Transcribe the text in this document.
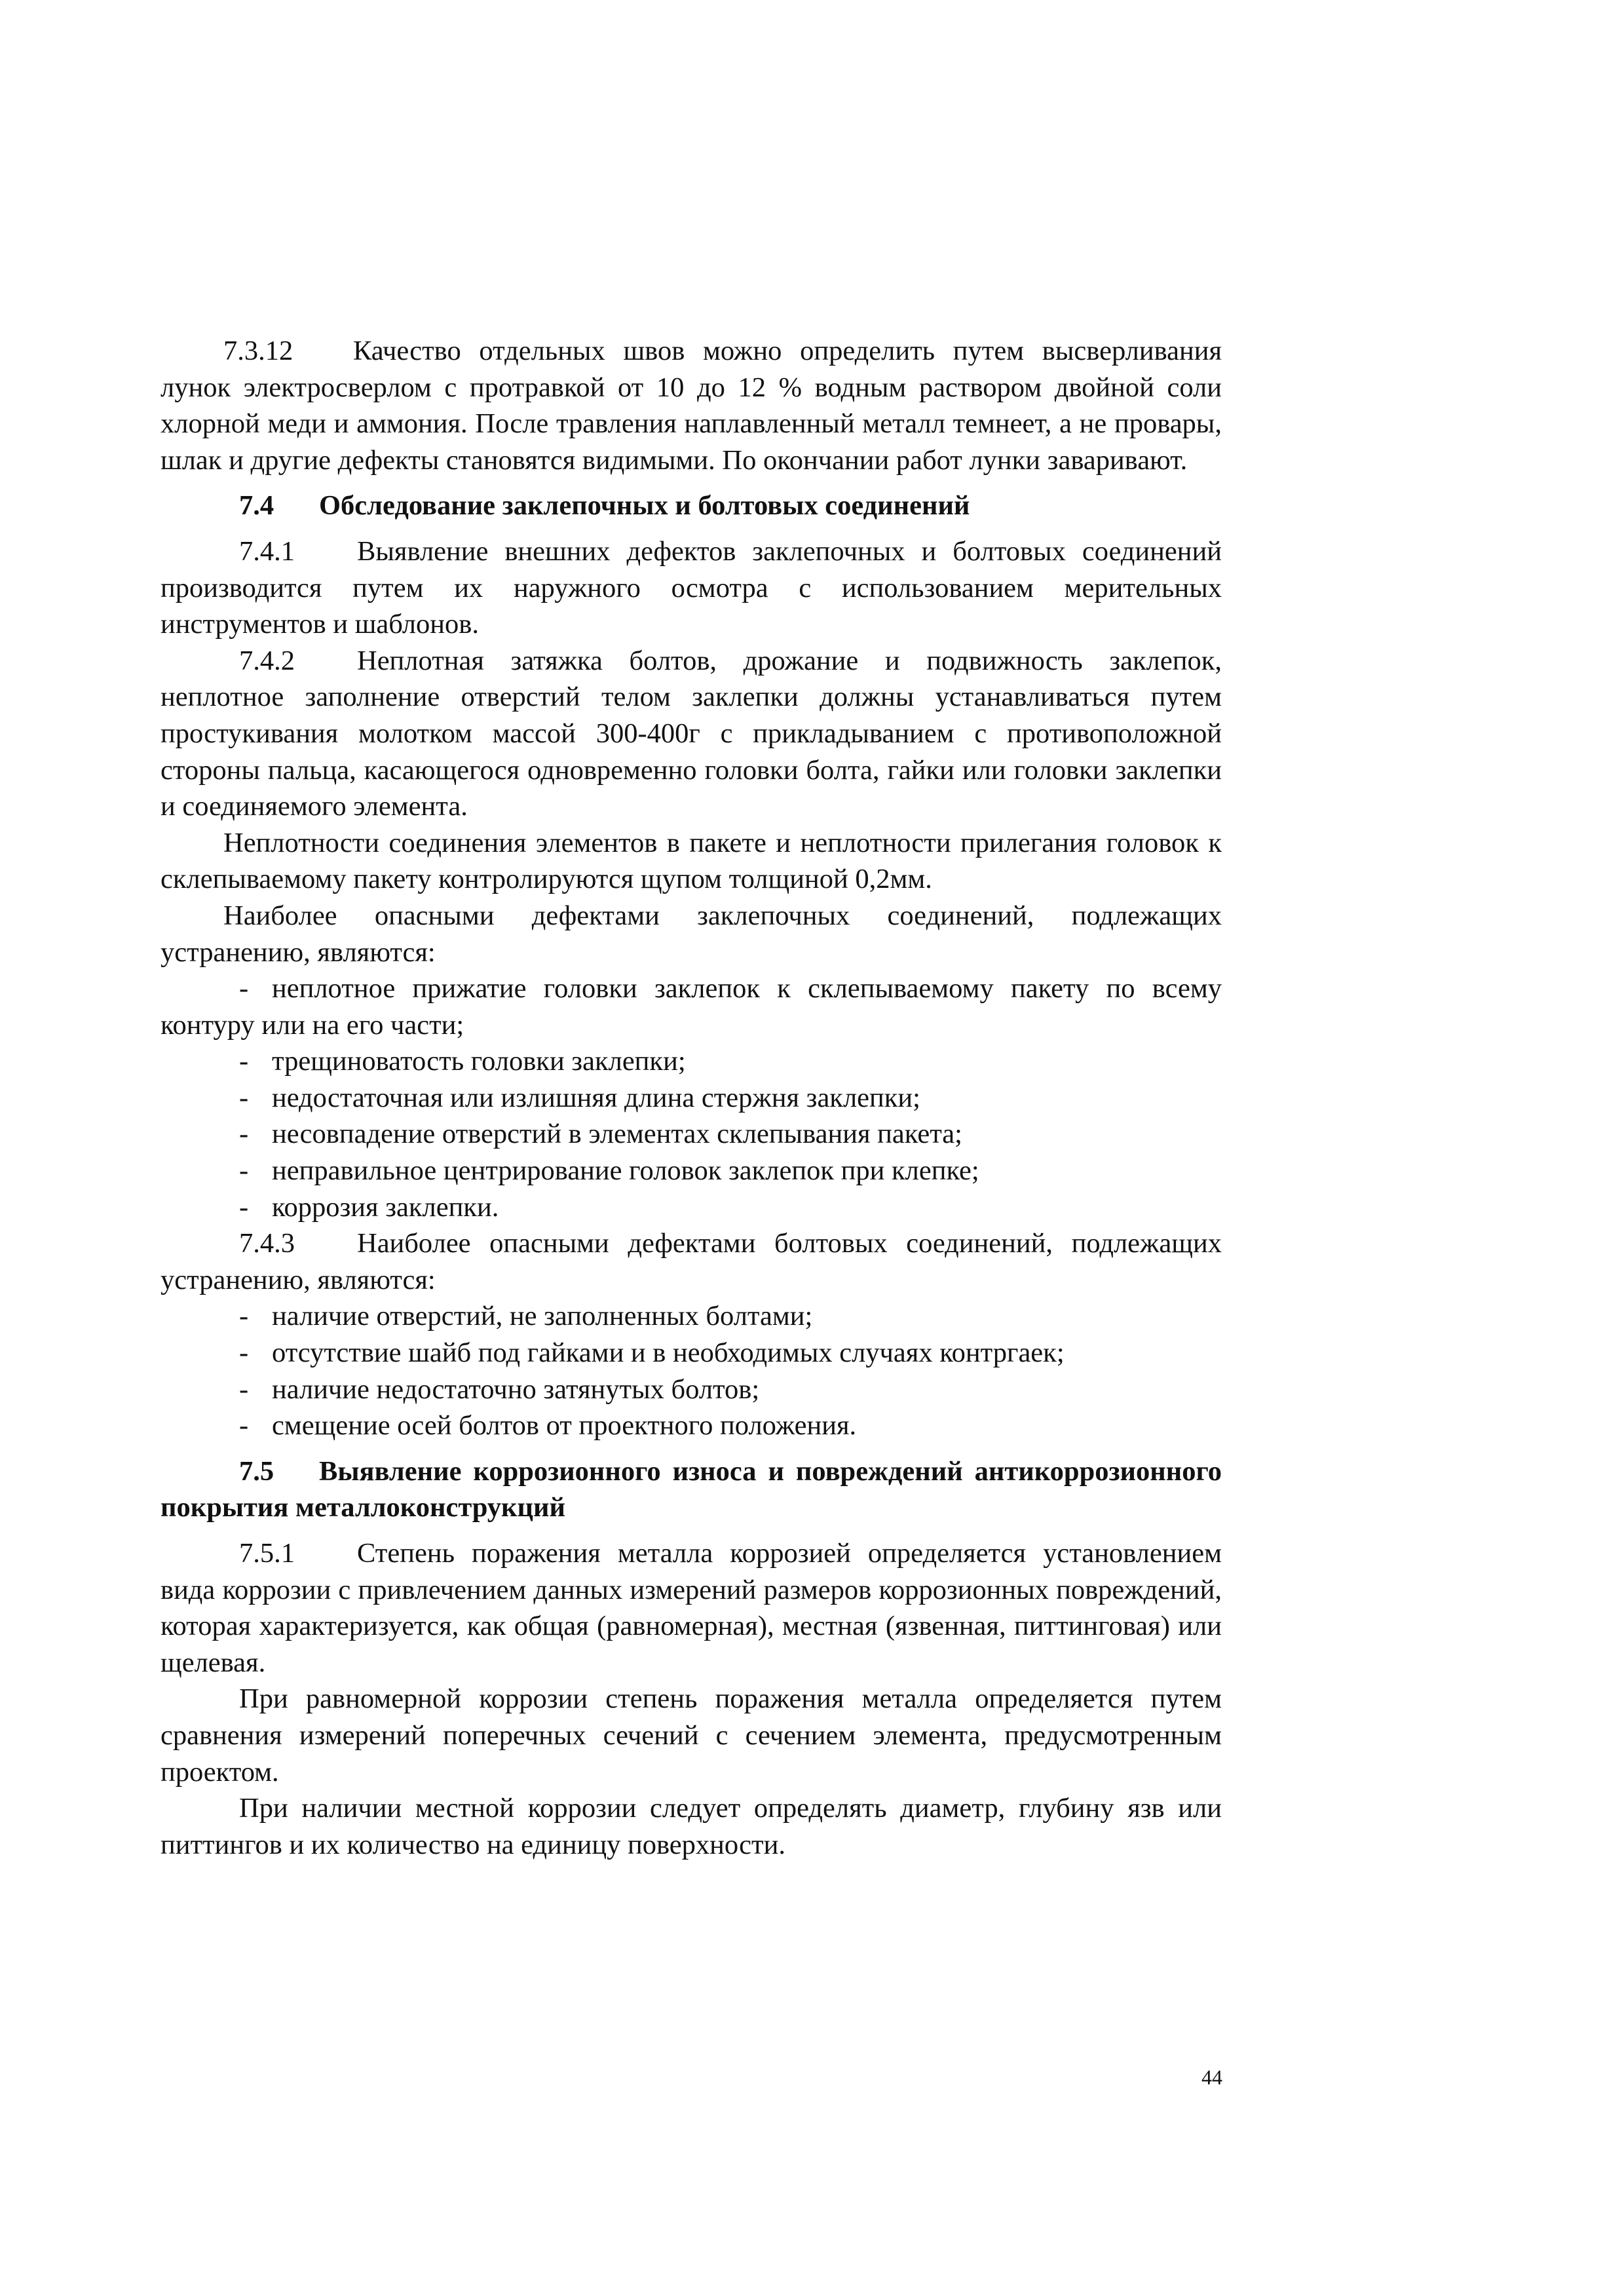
7.3.12 Качество отдельных швов можно определить путем высверливания лунок электросверлом с протравкой от 10 до 12 % водным раствором двойной соли хлорной меди и аммония. После травления наплавленный металл темнеет, а не провары, шлак и другие дефекты становятся видимыми. По окончании работ лунки заваривают.

7.4 Обследование заклепочных и болтовых соединений

7.4.1 Выявление внешних дефектов заклепочных и болтовых соединений производится путем их наружного осмотра с использованием мерительных инструментов и шаблонов.

7.4.2 Неплотная затяжка болтов, дрожание и подвижность заклепок, неплотное заполнение отверстий телом заклепки должны устанавливаться путем простукивания молотком массой 300-400г с прикладыванием с противоположной стороны пальца, касающегося одновременно головки болта, гайки или головки заклепки и соединяемого элемента.

Неплотности соединения элементов в пакете и неплотности прилегания головок к склепываемому пакету контролируются щупом толщиной 0,2мм.

Наиболее опасными дефектами заклепочных соединений, подлежащих устранению, являются:

- неплотное прижатие головки заклепок к склепываемому пакету по всему контуру или на его части;
- трещиноватость головки заклепки;
- недостаточная или излишняя длина стержня заклепки;
- несовпадение отверстий в элементах склепывания пакета;
- неправильное центрирование головок заклепок при клепке;
- коррозия заклепки.

7.4.3 Наиболее опасными дефектами болтовых соединений, подлежащих устранению, являются:

- наличие отверстий, не заполненных болтами;
- отсутствие шайб под гайками и в необходимых случаях контргаек;
- наличие недостаточно затянутых болтов;
- смещение осей болтов от проектного положения.

7.5 Выявление коррозионного износа и повреждений антикоррозионного покрытия металлоконструкций

7.5.1 Степень поражения металла коррозией определяется установлением вида коррозии с привлечением данных измерений размеров коррозионных повреждений, которая характеризуется, как общая (равномерная), местная (язвенная, питтинговая) или щелевая.

При равномерной коррозии степень поражения металла определяется путем сравнения измерений поперечных сечений с сечением элемента, предусмотренным проектом.

При наличии местной коррозии следует определять диаметр, глубину язв или питтингов и их количество на единицу поверхности.

44
